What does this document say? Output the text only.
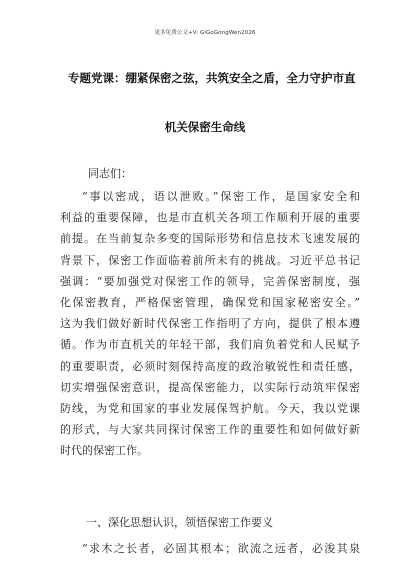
更多免费公文+V: GiGoGongWen2026
专题党课：绷紧保密之弦，共筑安全之盾，全力守护市直
机关保密生命线
同志们：
“事以密成，语以泄败。”保密工作，是国家安全和
利益的重要保障，也是市直机关各项工作顺利开展的重要
前提。在当前复杂多变的国际形势和信息技术飞速发展的
背景下，保密工作面临着前所未有的挑战。习近平总书记
强调：“要加强党对保密工作的领导，完善保密制度，强
化保密教育，严格保密管理，确保党和国家秘密安全。”
这为我们做好新时代保密工作指明了方向，提供了根本遵
循。作为市直机关的年轻干部，我们肩负着党和人民赋予
的重要职责，必须时刻保持高度的政治敏锐性和责任感，
切实增强保密意识，提高保密能力，以实际行动筑牢保密
防线，为党和国家的事业发展保驾护航。今天，我以党课
的形式，与大家共同探讨保密工作的重要性和如何做好新
时代的保密工作。
一、深化思想认识，领悟保密工作要义
“求木之长者，必固其根本；欲流之远者，必浚其泉
